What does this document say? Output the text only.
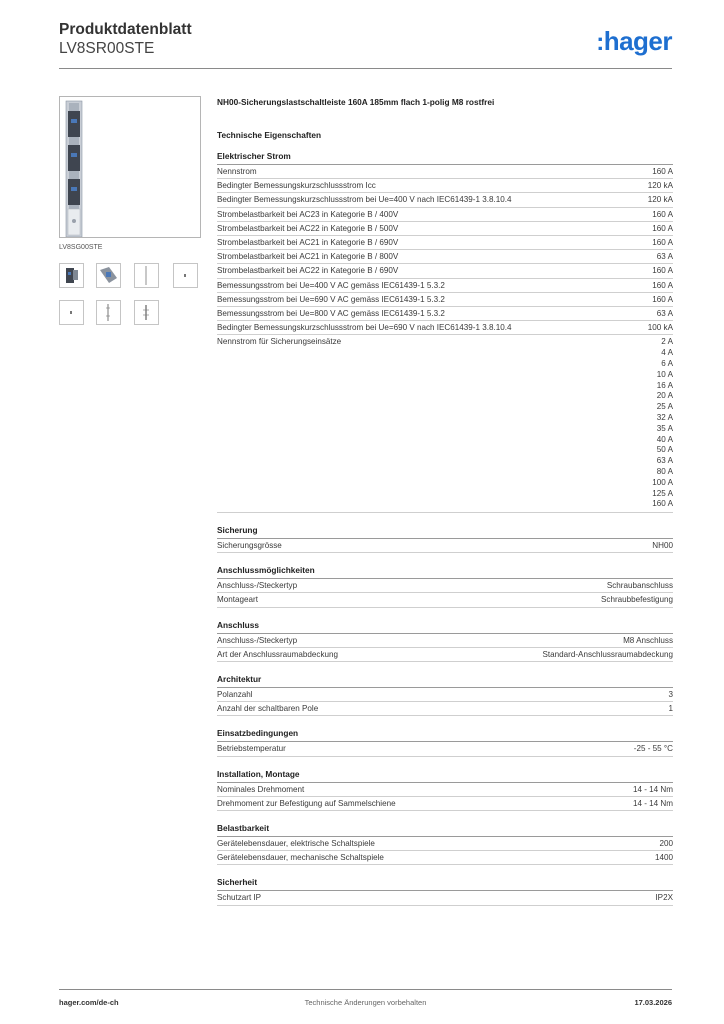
Produktdatenblatt
LV8SR00STE	:hager
LV8SG00STE
NH00-Sicherungslastschaltleiste 160A 185mm flach 1-polig M8 rostfrei
Technische Eigenschaften
Elektrischer Strom
Nennstrom	160 A
Bedingter Bemessungskurzschlussstrom Icc	120 kA
Bedingter Bemessungskurzschlussstrom bei Ue=400 V nach IEC61439-1 3.8.10.4	120 kA
Strombelastbarkeit bei AC23 in Kategorie B / 400V	160 A
Strombelastbarkeit bei AC22 in Kategorie B / 500V	160 A
Strombelastbarkeit bei AC21 in Kategorie B / 690V	160 A
Strombelastbarkeit bei AC21 in Kategorie B / 800V	63 A
Strombelastbarkeit bei AC22 in Kategorie B / 690V	160 A
Bemessungsstrom bei Ue=400 V AC gemäss IEC61439-1 5.3.2	160 A
Bemessungsstrom bei Ue=690 V AC gemäss IEC61439-1 5.3.2	160 A
Bemessungsstrom bei Ue=800 V AC gemäss IEC61439-1 5.3.2	63 A
Bedingter Bemessungskurzschlussstrom bei Ue=690 V nach IEC61439-1 3.8.10.4	100 kA
Nennstrom für Sicherungseinsätze	2 A
4 A
6 A
10 A
16 A
20 A
25 A
32 A
35 A
40 A
50 A
63 A
80 A
100 A
125 A
160 A
Sicherung
Sicherungsgrösse	NH00
Anschlussmöglichkeiten
Anschluss-/Steckertyp	Schraubanschluss
Montageart	Schraubbefestigung
Anschluss
Anschluss-/Steckertyp	M8 Anschluss
Art der Anschlussraumabdeckung	Standard-Anschlussraumabdeckung
Architektur
Polanzahl	3
Anzahl der schaltbaren Pole	1
Einsatzbedingungen
Betriebstemperatur	-25 - 55 °C
Installation, Montage
Nominales Drehmoment	14 - 14 Nm
Drehmoment zur Befestigung auf Sammelschiene	14 - 14 Nm
Belastbarkeit
Gerätelebensdauer, elektrische Schaltspiele	200
Gerätelebensdauer, mechanische Schaltspiele	1400
Sicherheit
Schutzart IP	IP2X
hager.com/de-ch	Technische Änderungen vorbehalten	17.03.2026
